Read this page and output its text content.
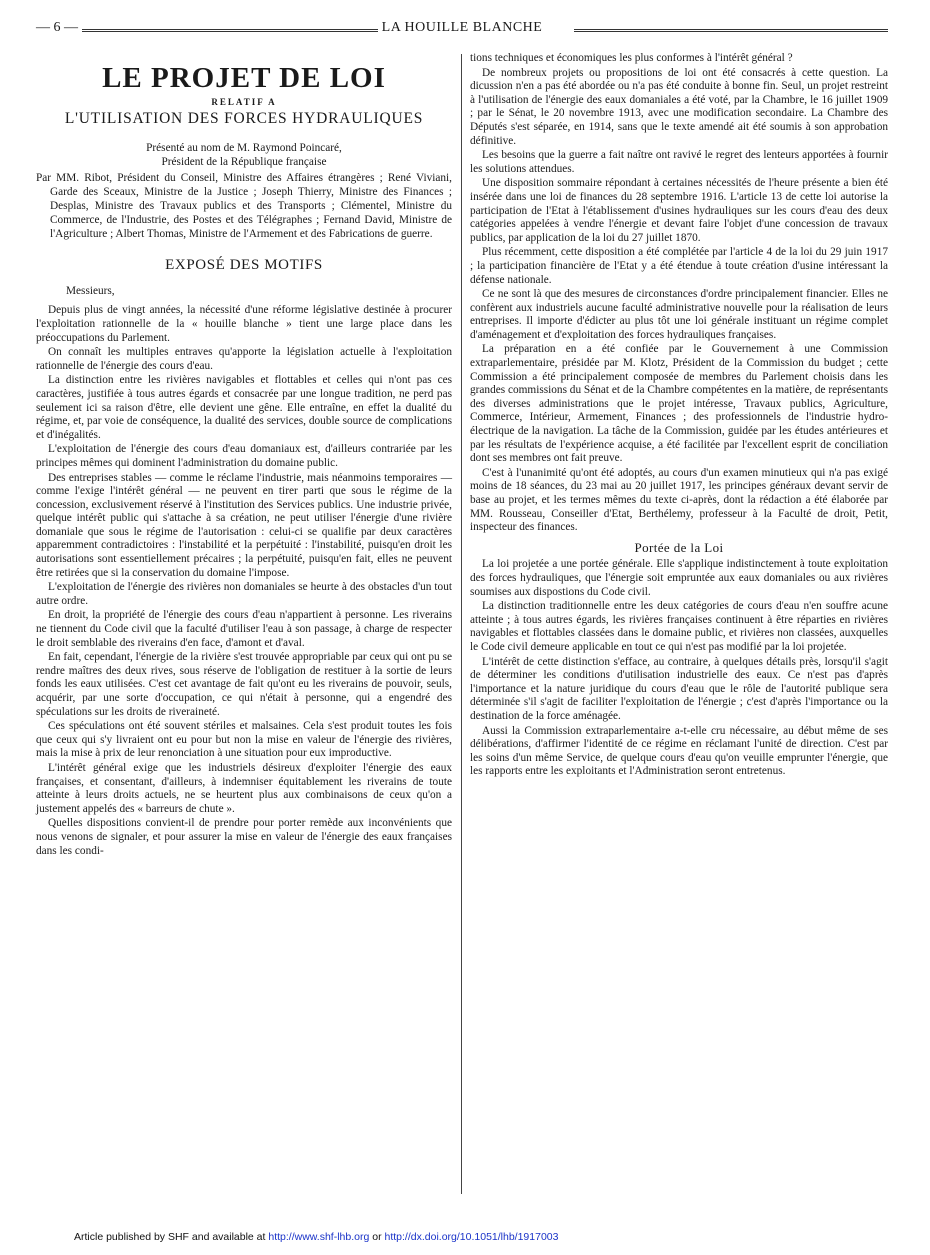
— 6 —	LA HOUILLE BLANCHE
LE PROJET DE LOI
RELATIF A
L'UTILISATION DES FORCES HYDRAULIQUES
Présenté au nom de M. Raymond Poincaré,
Président de la République française
Par MM. Ribot, Président du Conseil, Ministre des Affaires étrangères ; René Viviani, Garde des Sceaux, Ministre de la Justice ; Joseph Thierry, Ministre des Finances ; Desplas, Ministre des Travaux publics et des Transports ; Clémentel, Ministre du Commerce, de l'Industrie, des Postes et des Télégraphes ; Fernand David, Ministre de l'Agriculture ; Albert Thomas, Ministre de l'Armement et des Fabrications de guerre.
EXPOSÉ DES MOTIFS
Messieurs,

Depuis plus de vingt années, la nécessité d'une réforme législative destinée à procurer l'exploitation rationnelle de la « houille blanche » tient une large place dans les préoccupations du Parlement.

On connaît les multiples entraves qu'apporte la législation actuelle à l'exploitation rationnelle de l'énergie des cours d'eau.

La distinction entre les rivières navigables et flottables et celles qui n'ont pas ces caractères, justifiée à tous autres égards et consacrée par une longue tradition, ne perd pas seulement ici sa raison d'être, elle devient une gêne. Elle entraîne, en effet la dualité du régime, et, par voie de conséquence, la dualité des services, double source de complications et d'inégalités.

L'exploitation de l'énergie des cours d'eau domaniaux est, d'ailleurs contrariée par les principes mêmes qui dominent l'administration du domaine public.

Des entreprises stables — comme le réclame l'industrie, mais néanmoins temporaires — comme l'exige l'intérêt général — ne peuvent en tirer parti que sous le régime de la concession, exclusivement réservé à l'institution des Services publics. Une industrie privée, quelque intérêt public qui s'attache à sa création, ne peut utiliser l'énergie d'une rivière domaniale que sous le régime de l'autorisation : celui-ci se qualifie par deux caractères apparemment contradictoires : l'instabilité et la perpétuité : l'instabilité, puisqu'en droit les autorisations sont essentiellement précaires ; la perpétuité, puisqu'en fait, elles ne peuvent être retirées que si la conservation du domaine l'impose.

L'exploitation de l'énergie des rivières non domaniales se heurte à des obstacles d'un tout autre ordre.

En droit, la propriété de l'énergie des cours d'eau n'appartient à personne. Les riverains ne tiennent du Code civil que la faculté d'utiliser l'eau à son passage, à charge de respecter le droit semblable des riverains d'en face, d'amont et d'aval.

En fait, cependant, l'énergie de la rivière s'est trouvée appropriable par ceux qui ont pu se rendre maîtres des deux rives, sous réserve de l'obligation de restituer à la sortie de leurs fonds les eaux utilisées. C'est cet avantage de fait qu'ont eu les riverains de pouvoir, seuls, acquérir, par une sorte d'occupation, ce qui n'était à personne, qui a engendré des spéculations sur les droits de riveraineté.

Ces spéculations ont été souvent stériles et malsaines. Cela s'est produit toutes les fois que ceux qui s'y livraient ont eu pour but non la mise en valeur de l'énergie des rivières, mais la mise à prix de leur renonciation à une situation pour eux improductive.

L'intérêt général exige que les industriels désireux d'exploiter l'énergie des eaux françaises, et consentant, d'ailleurs, à indemniser équitablement les riverains de toute atteinte à leurs droits actuels, ne se heurtent plus aux combinaisons de ceux qu'on a justement appelés des « barreurs de chute ».

Quelles dispositions convient-il de prendre pour porter remède aux inconvénients que nous venons de signaler, et pour assurer la mise en valeur de l'énergie des eaux françaises dans les condi-

tions techniques et économiques les plus conformes à l'intérêt général ?

De nombreux projets ou propositions de loi ont été consacrés à cette question. La dicussion n'en a pas été abordée ou n'a pas été conduite à bonne fin. Seul, un projet restreint à l'utilisation de l'énergie des eaux domaniales a été voté, par la Chambre, le 16 juillet 1909 ; par le Sénat, le 20 novembre 1913, avec une modification secondaire. La Chambre des Députés s'est séparée, en 1914, sans que le texte amendé ait été soumis à son approbation définitive.

Les besoins que la guerre a fait naître ont ravivé le regret des lenteurs apportées à fournir les solutions attendues.

Une disposition sommaire répondant à certaines nécessités de l'heure présente a bien été insérée dans une loi de finances du 28 septembre 1916. L'article 13 de cette loi autorise la participation de l'Etat à l'établissement d'usines hydrauliques sur les cours d'eau des deux catégories appelées à vendre l'énergie et devant faire l'objet d'une concession de travaux publics, par application de la loi du 27 juillet 1870.

Plus récemment, cette disposition a été complétée par l'article 4 de la loi du 29 juin 1917 ; la participation financière de l'Etat y a été étendue à toute création d'usine intéressant la défense nationale.

Ce ne sont là que des mesures de circonstances d'ordre principalement financier. Elles ne confèrent aux industriels aucune faculté administrative nouvelle pour la réalisation de leurs entreprises. Il importe d'édicter au plus tôt une loi générale instituant un régime complet d'aménagement et d'exploitation des forces hydrauliques françaises.

La préparation en a été confiée par le Gouvernement à une Commission extraparlementaire, présidée par M. Klotz, Président de la Commission du budget ; cette Commission a été principalement composée de membres du Parlement choisis dans les grandes commissions du Sénat et de la Chambre compétentes en la matière, de représentants des diverses administrations que le projet intéresse, Travaux publics, Agriculture, Commerce, Intérieur, Armement, Finances ; des professionnels de l'industrie hydro-électrique de la navigation. La tâche de la Commission, guidée par les études antérieures et par les résultats de l'expérience acquise, a été facilitée par l'excellent esprit de conciliation dont ses membres ont fait preuve.

C'est à l'unanimité qu'ont été adoptés, au cours d'un examen minutieux qui n'a pas exigé moins de 18 séances, du 23 mai au 20 juillet 1917, les principes généraux devant servir de base au projet, et les termes mêmes du texte ci-après, dont la rédaction a été élaborée par MM. Rousseau, Conseiller d'Etat, Berthélemy, professeur à la Faculté de droit, Petit, inspecteur des finances.

Portée de la Loi

La loi projetée a une portée générale. Elle s'applique indistinctement à toute exploitation des forces hydrauliques, que l'énergie soit empruntée aux eaux domaniales ou aux rivières soumises aux dispostions du Code civil.

La distinction traditionnelle entre les deux catégories de cours d'eau n'en souffre acune atteinte ; à tous autres égards, les rivières françaises continuent à être réparties en rivières navigables et flottables classées dans le domaine public, et rivières non classées, auxquelles le Code civil demeure applicable en tout ce qui n'est pas modifié par la loi projetée.

L'intérêt de cette distinction s'efface, au contraire, à quelques détails près, lorsqu'il s'agit de déterminer les conditions d'utilisation industrielle des eaux. Ce n'est pas d'après l'importance et la nature juridique du cours d'eau que le rôle de l'autorité publique sera déterminée s'il s'agit de faciliter l'exploitation de l'énergie ; c'est d'après l'importance ou la destination de la force aménagée.

Aussi la Commission extraparlementaire a-t-elle cru nécessaire, au début même de ses délibérations, d'affirmer l'identité de ce régime en réclamant l'unité de direction. C'est par les soins d'un même Service, de quelque cours d'eau qu'on veuille emprunter l'énergie, que les rapports entre les exploitants et l'Administration seront entretenus.

Article published by SHF and available at http://www.shf-lhb.org or http://dx.doi.org/10.1051/lhb/1917003
